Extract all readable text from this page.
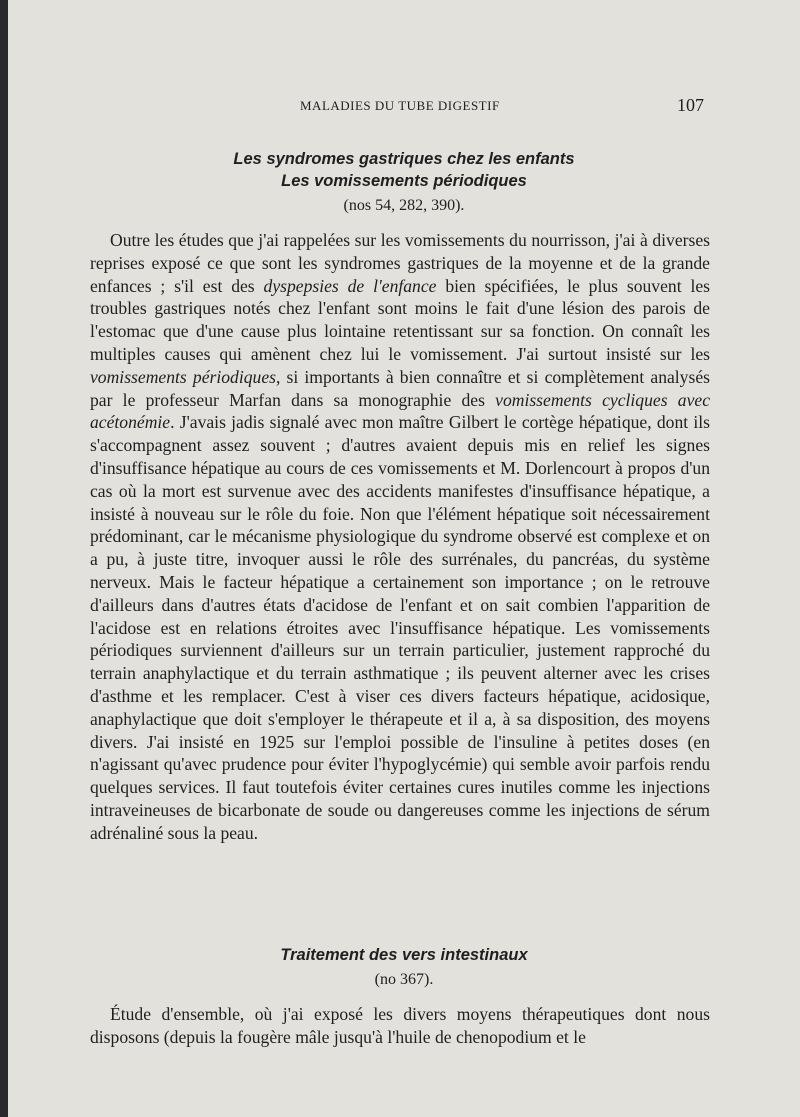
MALADIES DU TUBE DIGESTIF	107
Les syndromes gastriques chez les enfants
Les vomissements périodiques
(nos 54, 282, 390).

Outre les études que j'ai rappelées sur les vomissements du nourrisson, j'ai à diverses reprises exposé ce que sont les syndromes gastriques de la moyenne et de la grande enfances ; s'il est des dyspepsies de l'enfance bien spécifiées, le plus souvent les troubles gastriques notés chez l'enfant sont moins le fait d'une lésion des parois de l'estomac que d'une cause plus lointaine retentissant sur sa fonction. On connaît les multiples causes qui amènent chez lui le vomissement. J'ai surtout insisté sur les vomissements périodiques, si importants à bien connaître et si complètement analysés par le professeur Marfan dans sa monographie des vomissements cycliques avec acétonémie. J'avais jadis signalé avec mon maître Gilbert le cortège hépatique, dont ils s'accompagnent assez souvent ; d'autres avaient depuis mis en relief les signes d'insuffisance hépatique au cours de ces vomissements et M. Dorlencourt à propos d'un cas où la mort est survenue avec des accidents manifestes d'insuffisance hépatique, a insisté à nouveau sur le rôle du foie. Non que l'élément hépatique soit nécessairement prédominant, car le mécanisme physiologique du syndrome observé est complexe et on a pu, à juste titre, invoquer aussi le rôle des surrénales, du pancréas, du système nerveux. Mais le facteur hépatique a certainement son importance ; on le retrouve d'ailleurs dans d'autres états d'acidose de l'enfant et on sait combien l'apparition de l'acidose est en relations étroites avec l'insuffisance hépatique. Les vomissements périodiques surviennent d'ailleurs sur un terrain particulier, justement rapproché du terrain anaphylactique et du terrain asthmatique ; ils peuvent alterner avec les crises d'asthme et les remplacer. C'est à viser ces divers facteurs hépatique, acidosique, anaphylactique que doit s'employer le thérapeute et il a, à sa disposition, des moyens divers. J'ai insisté en 1925 sur l'emploi possible de l'insuline à petites doses (en n'agissant qu'avec prudence pour éviter l'hypoglycémie) qui semble avoir parfois rendu quelques services. Il faut toutefois éviter certaines cures inutiles comme les injections intraveineuses de bicarbonate de soude ou dangereuses comme les injections de sérum adrénaliné sous la peau.

Traitement des vers intestinaux
(no 367).

Étude d'ensemble, où j'ai exposé les divers moyens thérapeutiques dont nous disposons (depuis la fougère mâle jusqu'à l'huile de chenopodium et le
